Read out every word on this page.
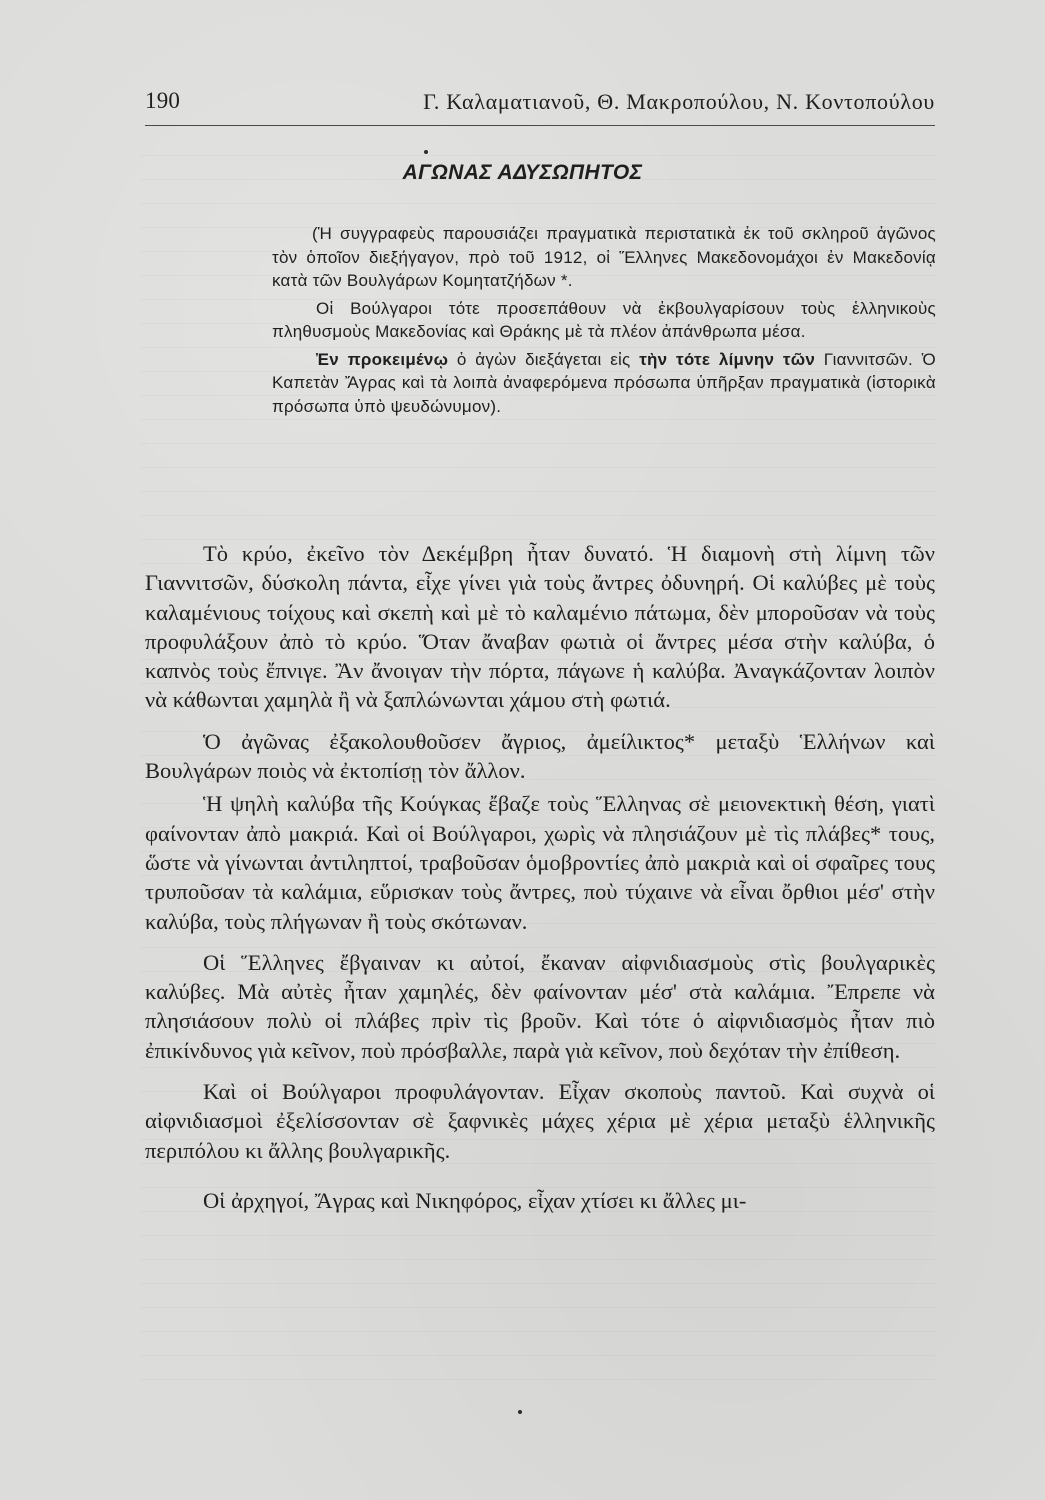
190	Γ. Καλαματιανοῦ, Θ. Μακροπούλου, Ν. Κοντοπούλου
ΑΓΩΝΑΣ ΑΔΥΣΩΠΗΤΟΣ

(Ἡ συγγραφεὺς παρουσιάζει πραγματικὰ περιστατικὰ ἐκ τοῦ σκληροῦ ἀγῶνος τὸν ὁποῖον διεξήγαγον, πρὸ τοῦ 1912, οἱ Ἕλληνες Μακεδονομάχοι ἐν Μακεδονίᾳ κατὰ τῶν Βουλγάρων Κομητατζήδων *.

Οἱ Βούλγαροι τότε προσεπάθουν νὰ ἐκβουλγαρίσουν τοὺς ἑλληνικοὺς πληθυσμοὺς Μακεδονίας καὶ Θράκης μὲ τὰ πλέον ἀπάνθρωπα μέσα.

Ἐν προκειμένῳ ὁ ἀγὼν διεξάγεται εἰς τὴν τότε λίμνην τῶν Γιαννιτσῶν. Ὁ Καπετὰν Ἄγρας καὶ τὰ λοιπὰ ἀναφερόμενα πρόσωπα ὑπῆρξαν πραγματικὰ (ἱστορικὰ πρόσωπα ὑπὸ ψευδώνυμον).

Τὸ κρύο, ἐκεῖνο τὸν Δεκέμβρη ἦταν δυνατό. Ἡ διαμονὴ στὴ λίμνη τῶν Γιαννιτσῶν, δύσκολη πάντα, εἶχε γίνει γιὰ τοὺς ἄντρες ὀδυνηρή. Οἱ καλύβες μὲ τοὺς καλαμένιους τοίχους καὶ σκεπὴ καὶ μὲ τὸ καλαμένιο πάτωμα, δὲν μποροῦσαν νὰ τοὺς προφυλάξουν ἀπὸ τὸ κρύο. Ὅταν ἄναβαν φωτιὰ οἱ ἄντρες μέσα στὴν καλύβα, ὁ καπνὸς τοὺς ἔπνιγε. Ἂν ἄνοιγαν τὴν πόρτα, πάγωνε ἡ καλύβα. Ἀναγκάζονταν λοιπὸν νὰ κάθωνται χαμηλὰ ἢ νὰ ξαπλώνωνται χάμου στὴ φωτιά.

Ὁ ἀγῶνας ἐξακολουθοῦσεν ἄγριος, ἀμείλικτος* μεταξὺ Ἑλλήνων καὶ Βουλγάρων ποιὸς νὰ ἐκτοπίσῃ τὸν ἄλλον.

Ἡ ψηλὴ καλύβα τῆς Κούγκας ἔβαζε τοὺς Ἕλληνας σὲ μειονεκτικὴ θέση, γιατὶ φαίνονταν ἀπὸ μακριά. Καὶ οἱ Βούλγαροι, χωρὶς νὰ πλησιάζουν μὲ τὶς πλάβες* τους, ὥστε νὰ γίνωνται ἀντιληπτοί, τραβοῦσαν ὁμοβροντίες ἀπὸ μακριὰ καὶ οἱ σφαῖρες τους τρυποῦσαν τὰ καλάμια, εὕρισκαν τοὺς ἄντρες, ποὺ τύχαινε νὰ εἶναι ὄρθιοι μέσ' στὴν καλύβα, τοὺς πλήγωναν ἢ τοὺς σκότωναν.

Οἱ Ἕλληνες ἔβγαιναν κι αὐτοί, ἔκαναν αἰφνιδιασμοὺς στὶς βουλγαρικὲς καλύβες. Μὰ αὐτὲς ἦταν χαμηλές, δὲν φαίνονταν μέσ' στὰ καλάμια. Ἔπρεπε νὰ πλησιάσουν πολὺ οἱ πλάβες πρὶν τὶς βροῦν. Καὶ τότε ὁ αἰφνιδιασμὸς ἦταν πιὸ ἐπικίνδυνος γιὰ κεῖνον, ποὺ πρόσβαλλε, παρὰ γιὰ κεῖνον, ποὺ δεχόταν τὴν ἐπίθεση.

Καὶ οἱ Βούλγαροι προφυλάγονταν. Εἶχαν σκοποὺς παντοῦ. Καὶ συχνὰ οἱ αἰφνιδιασμοὶ ἐξελίσσονταν σὲ ξαφνικὲς μάχες χέρια μὲ χέρια μεταξὺ ἑλληνικῆς περιπόλου κι ἄλλης βουλγαρικῆς.

Οἱ ἀρχηγοί, Ἄγρας καὶ Νικηφόρος, εἶχαν χτίσει κι ἄλλες μι-
